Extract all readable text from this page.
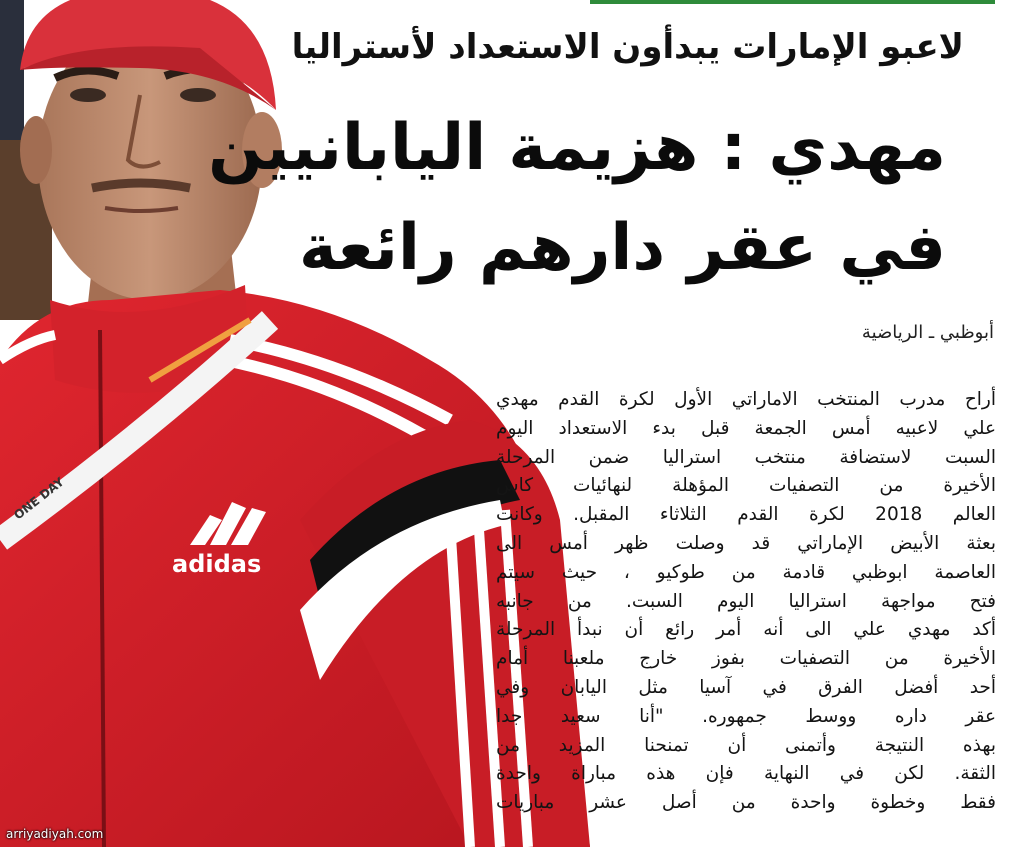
ONE DAY
adidas
لاعبو الإمارات يبدأون الاستعداد لأستراليا
مهدي : هزيمة اليابانيين
في عقر دارهم رائعة
أبوظبي ـ الرياضية
أراح مدرب المنتخب الاماراتي الأول لكرة القدم مهدي
علي لاعبيه أمس الجمعة قبل بدء الاستعداد اليوم
السبت لاستضافة منتخب استراليا ضمن المرحلة
الأخيرة من التصفيات المؤهلة لنهائيات كاس
العالم 2018 لكرة القدم الثلاثاء المقبل. وكانت
بعثة الأبيض الإماراتي قد وصلت ظهر أمس الى
العاصمة ابوظبي قادمة من طوكيو ، حيث سيتم
فتح مواجهة استراليا اليوم السبت. من جانبه
أكد مهدي علي الى أنه أمر رائع أن نبدأ المرحلة
الأخيرة من التصفيات بفوز خارج ملعبنا أمام
أحد أفضل الفرق في آسيا مثل اليابان وفي
عقر داره ووسط جمهوره. "أنا سعيد جدا
بهذه النتيجة وأتمنى أن تمنحنا المزيد من
الثقة. لكن في النهاية فإن هذه مباراة واحدة
فقط وخطوة واحدة من أصل عشر مباريات
arriyadiyah.com
